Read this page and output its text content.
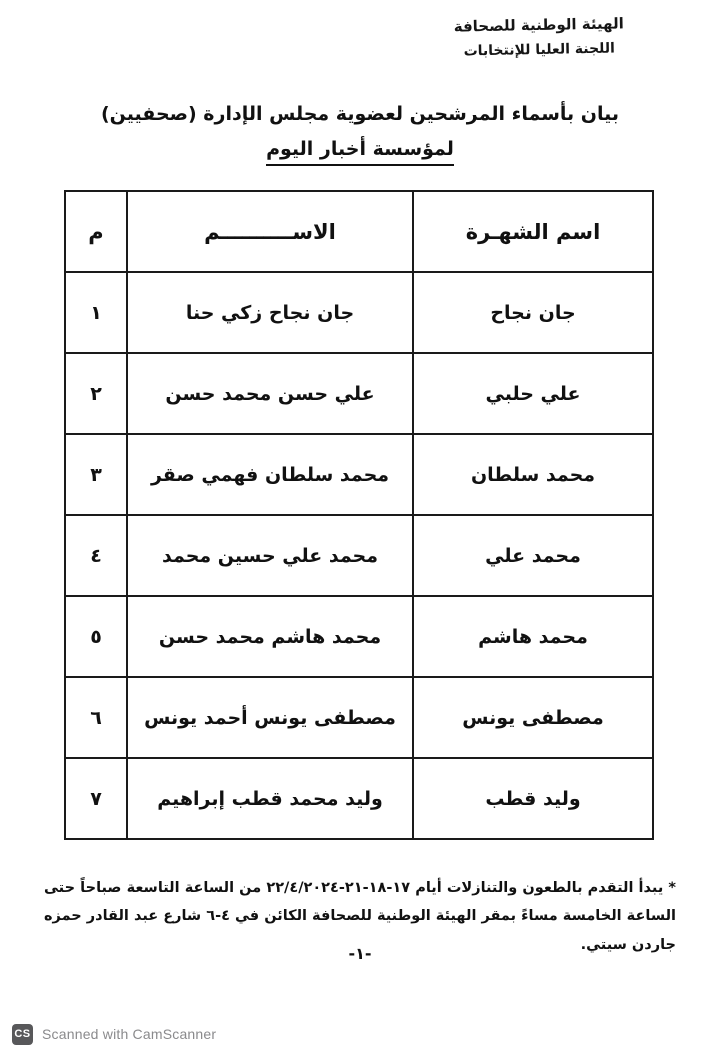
الهيئة الوطنية للصحافة
اللجنة العليا للإنتخابات
بيان بأسماء المرشحين لعضوية مجلس الإدارة (صحفيين)
لمؤسسة أخبار اليوم
اسم الشهـرة	الاســــــــــم	م
جان نجاح	جان نجاح زكي حنا	١
علي حلبي	علي حسن محمد حسن	٢
محمد سلطان	محمد سلطان فهمي صقر	٣
محمد علي	محمد علي حسين محمد	٤
محمد هاشم	محمد هاشم محمد حسن	٥
مصطفى يونس	مصطفى يونس أحمد يونس	٦
وليد قطب	وليد محمد قطب إبراهيم	٧
* يبدأ التقدم بالطعون والتنازلات أيام ١٧-١٨-٢١-٢٢/٤/٢٠٢٤ من الساعة التاسعة صباحاً حتى الساعة الخامسة مساءً بمقر الهيئة الوطنية للصحافة الكائن في ٤-٦ شارع عبد القادر حمزه جاردن سيتي.
-١-
CS Scanned with CamScanner
